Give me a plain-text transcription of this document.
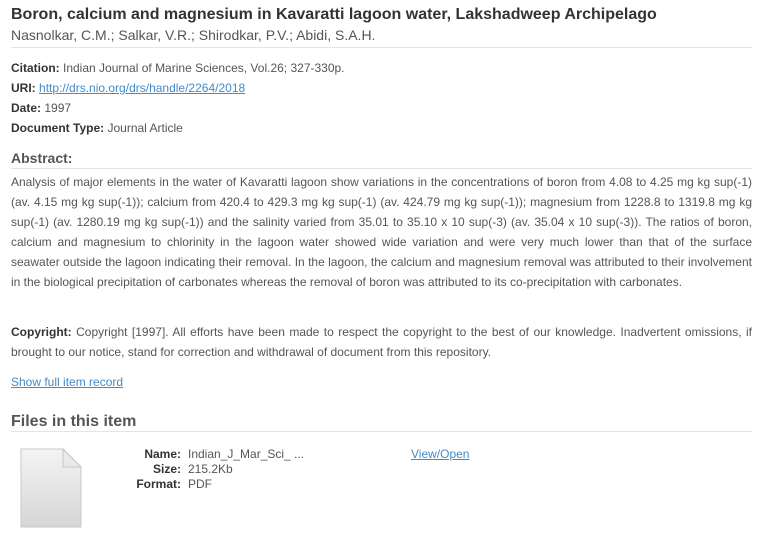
Boron, calcium and magnesium in Kavaratti lagoon water, Lakshadweep Archipelago
Nasnolkar, C.M.; Salkar, V.R.; Shirodkar, P.V.; Abidi, S.A.H.
Citation: Indian Journal of Marine Sciences, Vol.26; 327-330p.
URI: http://drs.nio.org/drs/handle/2264/2018
Date: 1997
Document Type: Journal Article
Abstract:
Analysis of major elements in the water of Kavaratti lagoon show variations in the concentrations of boron from 4.08 to 4.25 mg kg sup(-1) (av. 4.15 mg kg sup(-1)); calcium from 420.4 to 429.3 mg kg sup(-1) (av. 424.79 mg kg sup(-1)); magnesium from 1228.8 to 1319.8 mg kg sup(-1) (av. 1280.19 mg kg sup(-1)) and the salinity varied from 35.01 to 35.10 x 10 sup(-3) (av. 35.04 x 10 sup(-3)). The ratios of boron, calcium and magnesium to chlorinity in the lagoon water showed wide variation and were very much lower than that of the surface seawater outside the lagoon indicating their removal. In the lagoon, the calcium and magnesium removal was attributed to their involvement in the biological precipitation of carbonates whereas the removal of boron was attributed to its co-precipitation with carbonates.
Copyright: Copyright [1997]. All efforts have been made to respect the copyright to the best of our knowledge. Inadvertent omissions, if brought to our notice, stand for correction and withdrawal of document from this repository.
Show full item record
Files in this item
Name: Indian_J_Mar_Sci_ ...
Size: 215.2Kb
Format: PDF
View/Open
